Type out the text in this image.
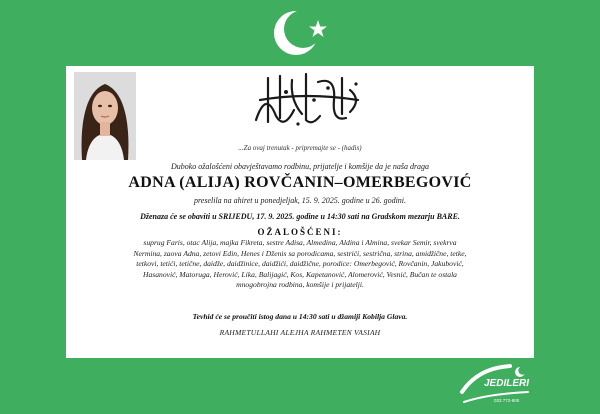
...Za ovaj trenutak - pripremajte se - (hadis)
Duboko ožalošćeni obavještavamo rodbinu, prijatelje i komšije da je naša draga
ADNA (ALIJA) ROVČANIN–OMERBEGOVIĆ
preselila na ahiret u ponedjeljak, 15. 9. 2025. godine u 26. godini.
Dženaza će se obaviti u SRIJEDU, 17. 9. 2025. godine u 14:30 sati na Gradskom mezarju BARE.
OŽALOŠĆENI:
suprug Faris, otac Alija, majka Fikreta, sestre Adisa, Almedina, Aldina i Almina, svekar Semir, svekrva
Nermina, zaova Adna, zetovi Edin, Henes i Dženis sa porodicama, sestrići, sestrična, strina, amidžične, tetke,
tetkovi, tetići, tetične, daidže, daidžinice, daidžići, daidžične, porodice: Omerbegović, Rovčanin, Jakubović,
Hasanović, Matoruga, Herović, Lika, Balijagić, Kos, Kapetanović, Alomerović, Vesnić, Bučan te ostala
mnogobrojna rodbina, komšije i prijatelji.
Tevhid će se proučiti istog dana u 14:30 sati u džamiji Kobilja Glava.
RAHMETULLAHI ALEJHA RAHMETEN VASIAH
JEDILERI
033 772-900
